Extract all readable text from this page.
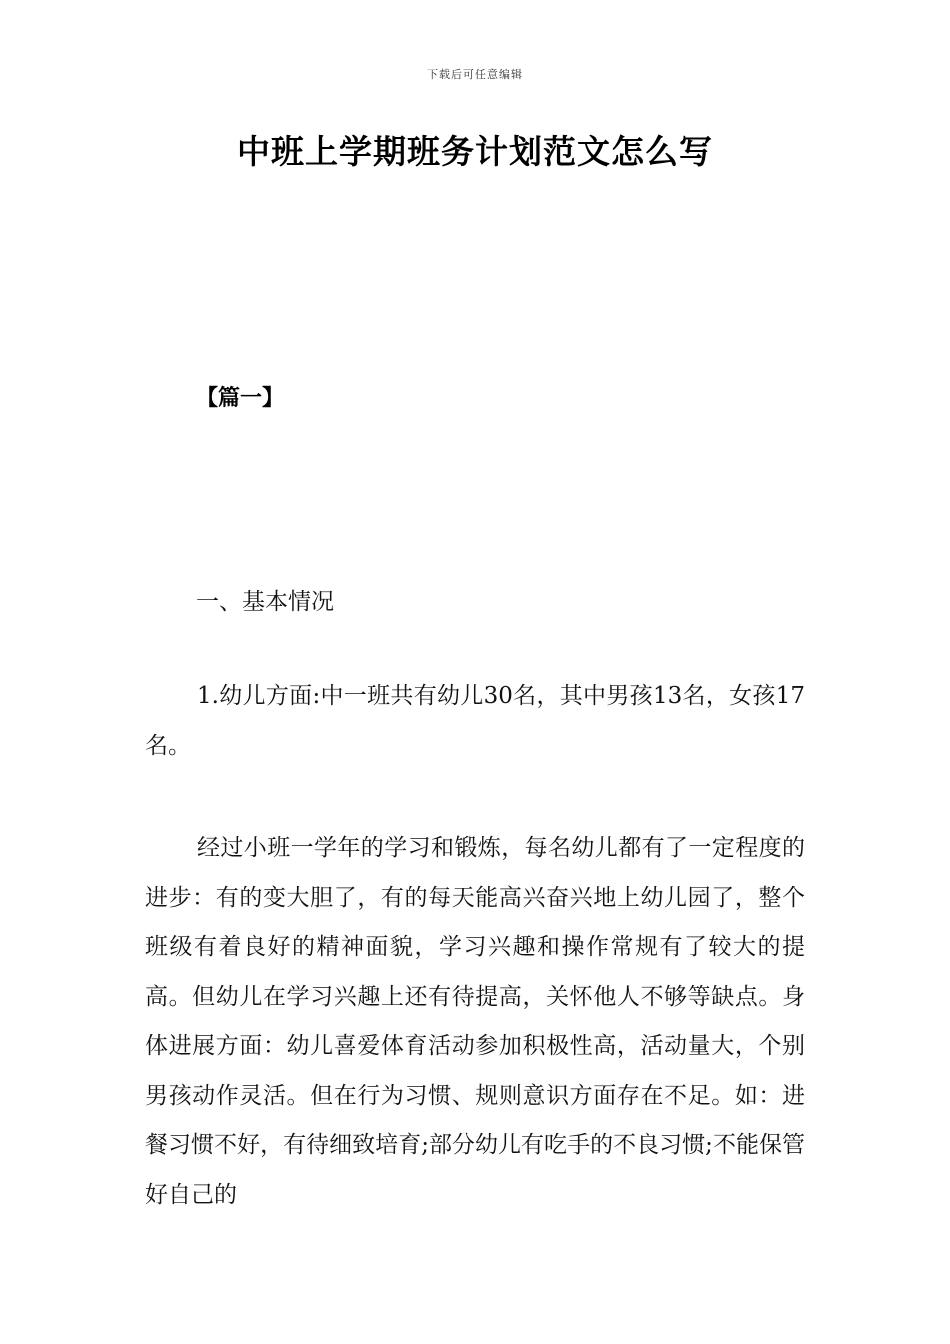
下载后可任意编辑
中班上学期班务计划范文怎么写
【篇一】
一、基本情况

1.幼儿方面:中一班共有幼儿30名，其中男孩13名，女孩17名。

经过小班一学年的学习和锻炼，每名幼儿都有了一定程度的进步：有的变大胆了，有的每天能高兴奋兴地上幼儿园了，整个班级有着良好的精神面貌，学习兴趣和操作常规有了较大的提高。但幼儿在学习兴趣上还有待提高，关怀他人不够等缺点。身体进展方面：幼儿喜爱体育活动参加积极性高，活动量大，个别男孩动作灵活。但在行为习惯、规则意识方面存在不足。如：进餐习惯不好，有待细致培育;部分幼儿有吃手的不良习惯;不能保管好自己的
